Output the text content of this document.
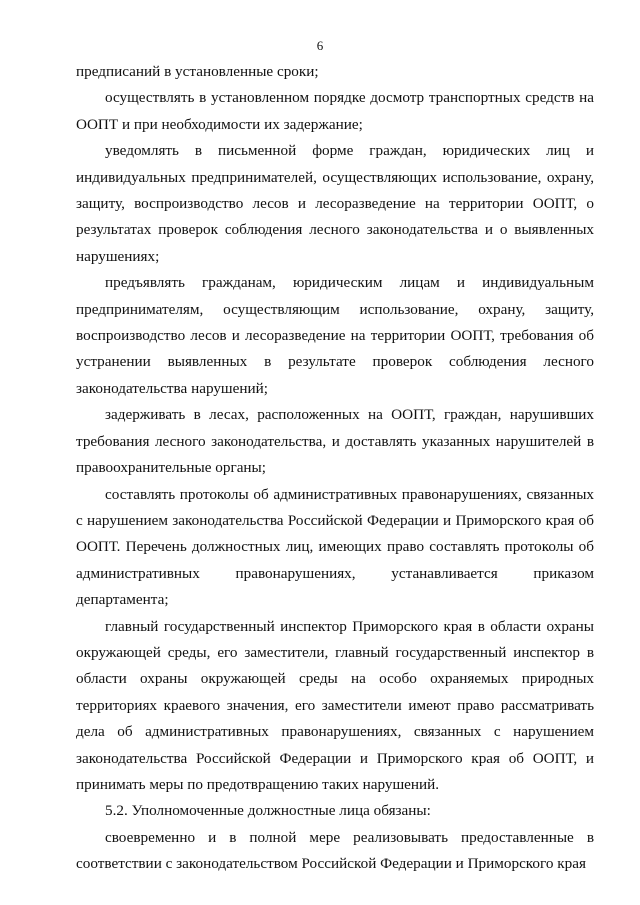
6

предписаний в установленные сроки;

осуществлять в установленном порядке досмотр транспортных средств на ООПТ и при необходимости их задержание;

уведомлять в письменной форме граждан, юридических лиц и индивидуальных предпринимателей, осуществляющих использование, охрану, защиту, воспроизводство лесов и лесоразведение на территории ООПТ, о результатах проверок соблюдения лесного законодательства и о выявленных нарушениях;

предъявлять гражданам, юридическим лицам и индивидуальным предпринимателям, осуществляющим использование, охрану, защиту, воспроизводство лесов и лесоразведение на территории ООПТ, требования об устранении выявленных в результате проверок соблюдения лесного законодательства нарушений;

задерживать в лесах, расположенных на ООПТ, граждан, нарушивших требования лесного законодательства, и доставлять указанных нарушителей в правоохранительные органы;

составлять протоколы об административных правонарушениях, связанных с нарушением законодательства Российской Федерации и Приморского края об ООПТ. Перечень должностных лиц, имеющих право составлять протоколы об административных правонарушениях, устанавливается приказом департамента;

главный государственный инспектор Приморского края в области охраны окружающей среды, его заместители, главный государственный инспектор в области охраны окружающей среды на особо охраняемых природных территориях краевого значения, его заместители имеют право рассматривать дела об административных правонарушениях, связанных с нарушением законодательства Российской Федерации и Приморского края об ООПТ, и принимать меры по предотвращению таких нарушений.

5.2. Уполномоченные должностные лица обязаны:

своевременно и в полной мере реализовывать предоставленные в соответствии с законодательством Российской Федерации и Приморского края
